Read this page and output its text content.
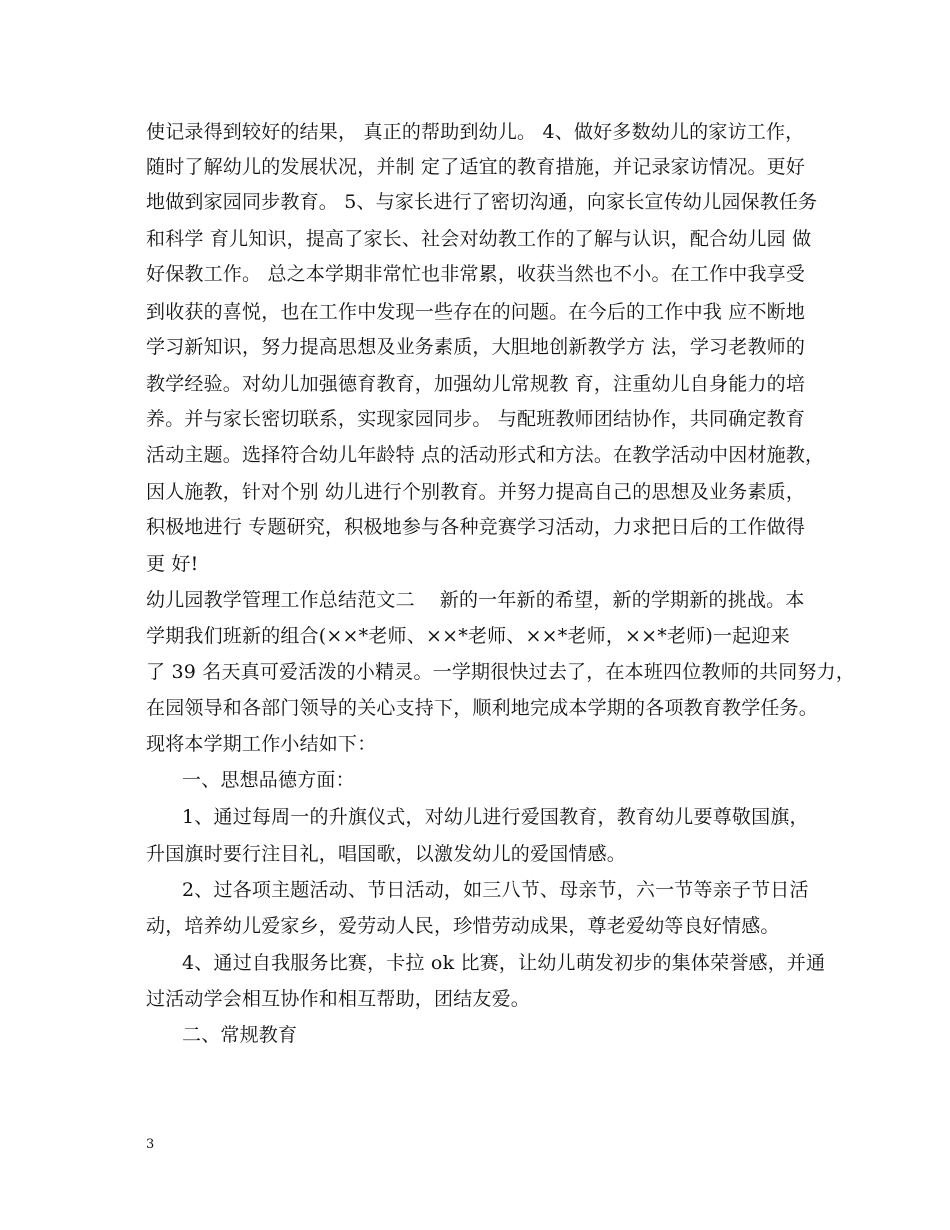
使记录得到较好的结果， 真正的帮助到幼儿。 4、做好多数幼儿的家访工作，
随时了解幼儿的发展状况，并制 定了适宜的教育措施，并记录家访情况。更好
地做到家园同步教育。 5、与家长进行了密切沟通，向家长宣传幼儿园保教任务
和科学 育儿知识，提高了家长、社会对幼教工作的了解与认识，配合幼儿园 做
好保教工作。 总之本学期非常忙也非常累，收获当然也不小。在工作中我享受
到收获的喜悦，也在工作中发现一些存在的问题。在今后的工作中我 应不断地
学习新知识，努力提高思想及业务素质，大胆地创新教学方 法，学习老教师的
教学经验。对幼儿加强德育教育，加强幼儿常规教 育，注重幼儿自身能力的培
养。并与家长密切联系，实现家园同步。 与配班教师团结协作，共同确定教育
活动主题。选择符合幼儿年龄特 点的活动形式和方法。在教学活动中因材施教，
因人施教，针对个别 幼儿进行个别教育。并努力提高自己的思想及业务素质，
积极地进行 专题研究，积极地参与各种竞赛学习活动，力求把日后的工作做得
更 好!
幼儿园教学管理工作总结范文二    新的一年新的希望，新的学期新的挑战。本
学期我们班新的组合(××*老师、××*老师、××*老师，××*老师)一起迎来
了 39 名天真可爱活泼的小精灵。一学期很快过去了，在本班四位教师的共同努力，
在园领导和各部门领导的关心支持下，顺利地完成本学期的各项教育教学任务。
现将本学期工作小结如下：
一、思想品德方面：
1、通过每周一的升旗仪式，对幼儿进行爱国教育，教育幼儿要尊敬国旗，
升国旗时要行注目礼，唱国歌，以激发幼儿的爱国情感。
2、过各项主题活动、节日活动，如三八节、母亲节，六一节等亲子节日活
动，培养幼儿爱家乡，爱劳动人民，珍惜劳动成果，尊老爱幼等良好情感。
4、通过自我服务比赛，卡拉 ok 比赛，让幼儿萌发初步的集体荣誉感，并通
过活动学会相互协作和相互帮助，团结友爱。
二、常规教育
3
